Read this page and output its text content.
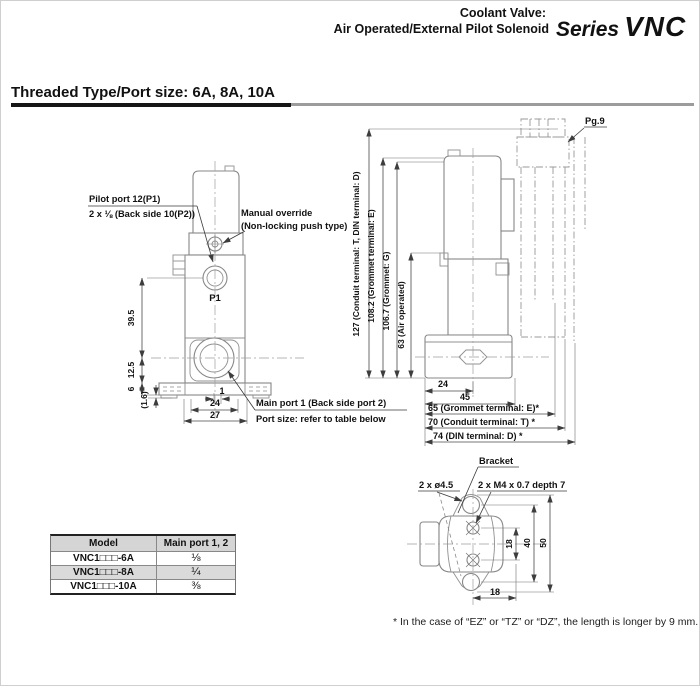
Coolant Valve:
Air Operated/External Pilot Solenoid Series VNC
Threaded Type/Port size: 6A, 8A, 10A
Pilot port 12(P1)
2 x ⅛ (Back side 10(P2))	Manual override
(Non-locking push type)
P1
Main port 1 (Back side port 2)
Port size: refer to table below
39.5
12.5
6
(1.6)
1
24
27
Pg.9
127 (Conduit terminal: T, DIN terminal: D) 108.2 (Grommet terminal: E) 106.7 (Grommet: G) 63 (Air operated)
24
45
65 (Grommet terminal: E)*
70 (Conduit terminal: T) *
74 (DIN terminal: D) *
Bracket
2 x ø4.5	2 x M4 x 0.7 depth 7
18 40 50
18
Model	Main port 1, 2
VNC1□□□-6A	⅛
VNC1□□□-8A	¼
VNC1□□□-10A	⅜
* In the case of “EZ” or “TZ” or “DZ”, the length is longer by 9 mm.
